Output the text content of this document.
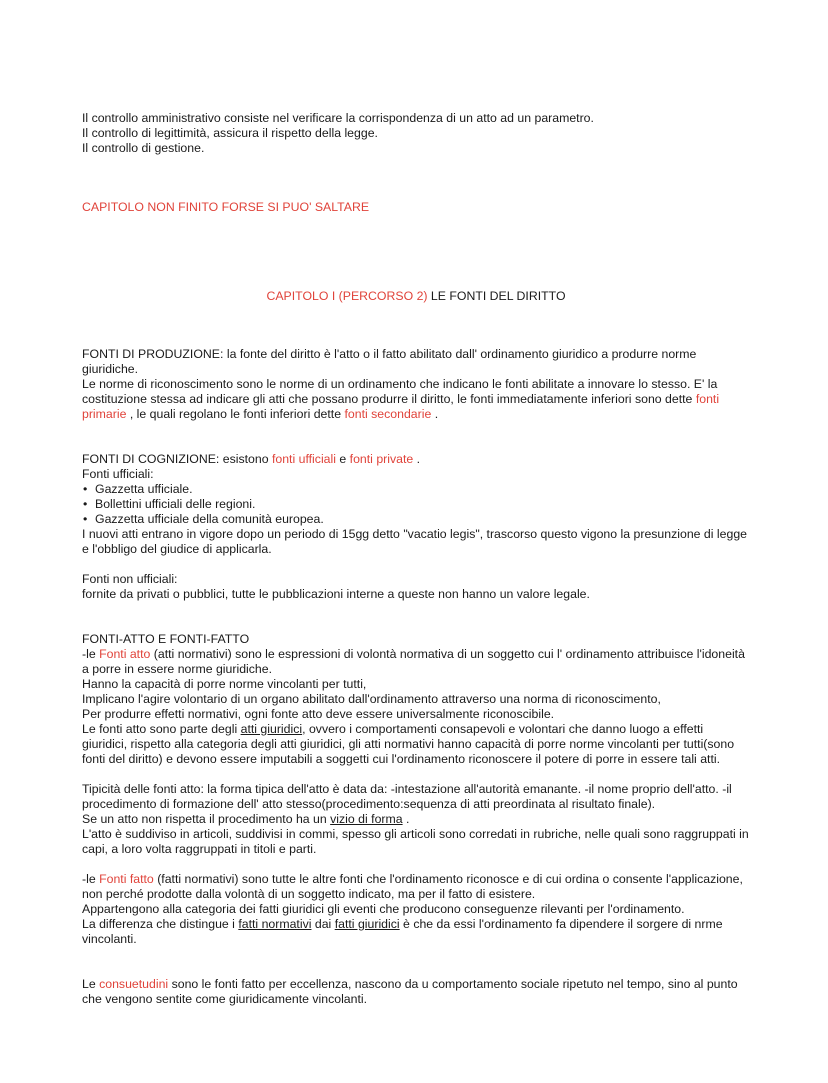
Il controllo amministrativo consiste nel verificare la corrispondenza di un atto ad un parametro.

Il controllo di legittimità, assicura il rispetto della legge.

Il controllo di gestione.

CAPITOLO NON FINITO FORSE SI PUO' SALTARE

CAPITOLO I (PERCORSO 2) LE FONTI DEL DIRITTO

FONTI DI PRODUZIONE: la fonte del diritto è l'atto o il fatto abilitato dall' ordinamento giuridico a produrre norme giuridiche.

Le norme di riconoscimento sono le norme di un ordinamento che indicano le fonti abilitate a innovare lo stesso. E' la costituzione stessa ad indicare gli atti che possano produrre il diritto, le fonti immediatamente inferiori sono dette fonti primarie , le quali regolano le fonti inferiori dette fonti secondarie .

FONTI DI COGNIZIONE: esistono fonti ufficiali e fonti private .

Fonti ufficiali:

• Gazzetta ufficiale.
• Bollettini ufficiali delle regioni.
• Gazzetta ufficiale della comunità europea.

I nuovi atti entrano in vigore dopo un periodo di 15gg detto "vacatio legis", trascorso questo vigono la presunzione di legge e l'obbligo del giudice di applicarla.

Fonti non ufficiali:

fornite da privati o pubblici, tutte le pubblicazioni interne a queste non hanno un valore legale.

FONTI-ATTO E FONTI-FATTO

-le Fonti atto (atti normativi) sono le espressioni di volontà normativa di un soggetto cui l' ordinamento attribuisce l'idoneità a porre in essere norme giuridiche.

Hanno la capacità di porre norme vincolanti per tutti,

Implicano l'agire volontario di un organo abilitato dall'ordinamento attraverso una norma di riconoscimento,

Per produrre effetti normativi, ogni fonte atto deve essere universalmente riconoscibile.

Le fonti atto sono parte degli atti giuridici, ovvero i comportamenti consapevoli e volontari che danno luogo a effetti giuridici, rispetto alla categoria degli atti giuridici, gli atti normativi hanno capacità di porre norme vincolanti per tutti(sono fonti del diritto) e devono essere imputabili a soggetti cui l'ordinamento riconoscere il potere di porre in essere tali atti.

Tipicità delle fonti atto: la forma tipica dell'atto è data da: -intestazione all'autorità emanante. -il nome proprio dell'atto. -il procedimento di formazione dell' atto stesso(procedimento:sequenza di atti preordinata al risultato finale).

Se un atto non rispetta il procedimento ha un vizio di forma .

L'atto è suddiviso in articoli, suddivisi in commi, spesso gli articoli sono corredati in rubriche, nelle quali sono raggruppati in capi, a loro volta raggruppati in titoli e parti.

-le Fonti fatto (fatti normativi) sono tutte le altre fonti che l'ordinamento riconosce e di cui ordina o consente l'applicazione, non perché prodotte dalla volontà di un soggetto indicato, ma per il fatto di esistere.

Appartengono alla categoria dei fatti giuridici gli eventi che producono conseguenze rilevanti per l'ordinamento.

La differenza che distingue i fatti normativi dai fatti giuridici è che da essi l'ordinamento fa dipendere il sorgere di nrme vincolanti.

Le consuetudini sono le fonti fatto per eccellenza, nascono da u comportamento sociale ripetuto nel tempo, sino al punto che vengono sentite come giuridicamente vincolanti.
